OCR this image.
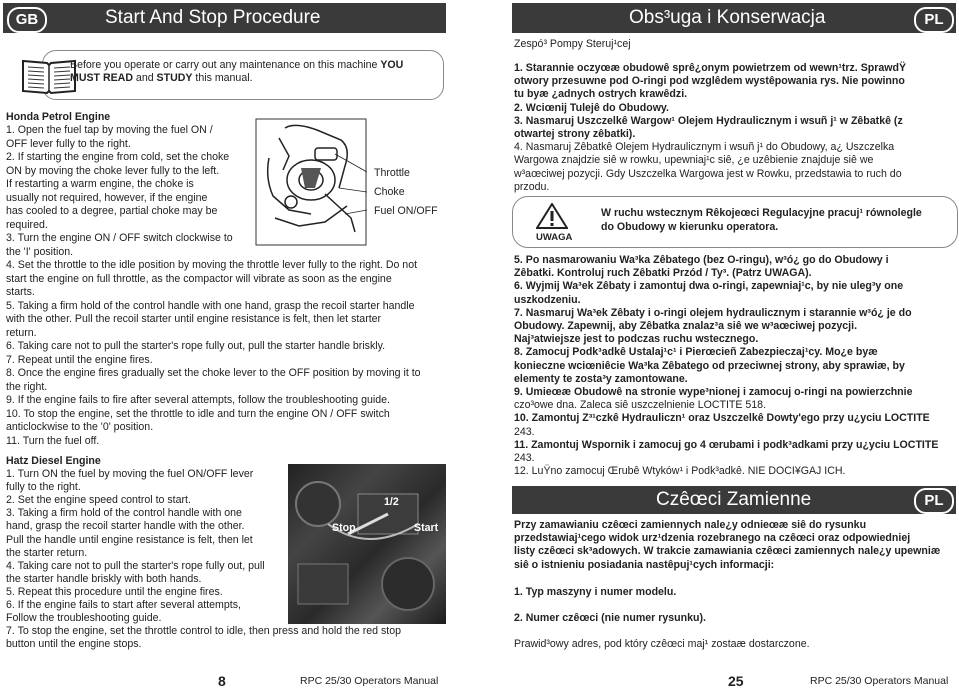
GB	Start And Stop Procedure
Before you operate or carry out any maintenance on this machine YOU
MUST READ and STUDY this manual.
Honda Petrol Engine
1. Open the fuel tap by moving the fuel ON /
OFF lever fully to the right.
2. If starting the engine from cold, set the choke
ON by moving the choke lever fully to the left.
If restarting a warm engine, the choke is
usually not required, however, if the engine
has cooled to a degree, partial choke may be
required.
3. Turn the engine ON / OFF switch clockwise to
the 'I' position.
4. Set the throttle to the idle position by moving the throttle lever fully to the right. Do not
start the engine on full throttle, as the compactor will vibrate as soon as the engine
starts.
5. Taking a firm hold of the control handle with one hand, grasp the recoil starter handle
with the other. Pull the recoil starter until engine resistance is felt, then let starter
return.
6. Taking care not to pull the starter's rope fully out, pull the starter handle briskly.
7. Repeat until the engine fires.
8. Once the engine fires gradually set the choke lever to the OFF position by moving it to
the right.
9. If the engine fails to fire after several attempts, follow the troubleshooting guide.
10. To stop the engine, set the throttle to idle and turn the engine ON / OFF switch
anticlockwise to the '0' position.
11. Turn the fuel off.
Throttle
Choke
Fuel ON/OFF
Hatz Diesel Engine
1. Turn ON the fuel by moving the fuel ON/OFF lever
fully to the right.
2. Set the engine speed control to start.
3. Taking a firm hold of the control handle with one
hand, grasp the recoil starter handle with the other.
Pull the handle until engine resistance is felt, then let
the starter return.
4. Taking care not to pull the starter's rope fully out, pull
the starter handle briskly with both hands.
5. Repeat this procedure until the engine fires.
6. If the engine fails to start after several attempts,
Follow the troubleshooting guide.
7. To stop the engine, set the throttle control to idle, then press and hold the red stop
button until the engine stops.
1/2
Stop	Start
8	RPC 25/30 Operators Manual
Obs³uga i Konserwacja	PL
Zespó³ Pompy Steruj¹cej
1. Starannie oczyœæ obudowê sprê¿onym powietrzem od wewn¹trz. SprawdŸ
otwory przesuwne pod O-ringi pod wzglêdem wystêpowania rys. Nie powinno
tu byæ ¿adnych ostrych krawêdzi.
2. Wciœnij Tulejê do Obudowy.
3. Nasmaruj Uszczelkê Wargow¹ Olejem Hydraulicznym i wsuñ j¹ w Zêbatkê (z
otwartej strony zêbatki).
4. Nasmaruj Zêbatkê Olejem Hydraulicznym i wsuñ j¹ do Obudowy, a¿ Uszczelka
Wargowa znajdzie siê w rowku, upewniaj¹c siê, ¿e uzêbienie znajduje siê we
w³aœciwej pozycji. Gdy Uszczelka Wargowa jest w Rowku, przedstawia to ruch do
przodu.
UWAGA
W ruchu wstecznym Rêkojeœci Regulacyjne pracuj¹ równolegle
do Obudowy w kierunku operatora.
5. Po nasmarowaniu Wa³ka Zêbatego (bez O-ringu), w³ó¿ go do Obudowy i
Zêbatki. Kontroluj ruch Zêbatki Przód / Ty³. (Patrz UWAGA).
6. Wyjmij Wa³ek Zêbaty i zamontuj dwa o-ringi, zapewniaj¹c, by nie uleg³y one
uszkodzeniu.
7. Nasmaruj Wa³ek Zêbaty i o-ringi olejem hydraulicznym i starannie w³ó¿ je do
Obudowy. Zapewnij, aby Zêbatka znalaz³a siê we w³aœciwej pozycji.
Naj³atwiejsze jest to podczas ruchu wstecznego.
8. Zamocuj Podk³adkê Ustalaj¹c¹ i Pierœcieñ Zabezpieczaj¹cy. Mo¿e byæ
konieczne wciœniêcie Wa³ka Zêbatego od przeciwnej strony, aby sprawiæ, by
elementy te zosta³y zamontowane.
9. Umieœæ Obudowê na stronie wype³nionej i zamocuj o-ringi na powierzchnie
czo³owe dna. Zaleca siê uszczelnienie LOCTITE 518.
10. Zamontuj Z³¹czkê Hydrauliczn¹ oraz Uszczelkê Dowty'ego przy u¿yciu LOCTITE
243.
11. Zamontuj Wspornik i zamocuj go 4 œrubami i podk³adkami przy u¿yciu LOCTITE
243.
12. LuŸno zamocuj Œrubê Wtyków¹ i Podk³adkê. NIE DOCI¥GAJ ICH.
Czêœci Zamienne	PL
Przy zamawianiu czêœci zamiennych nale¿y odnieœæ siê do rysunku
przedstawiaj¹cego widok urz¹dzenia rozebranego na czêœci oraz odpowiedniej
listy czêœci sk³adowych. W trakcie zamawiania czêœci zamiennych nale¿y upewniæ
siê o istnieniu posiadania nastêpuj¹cych informacji:
1. Typ maszyny i numer modelu.
2. Numer czêœci (nie numer rysunku).
Prawid³owy adres, pod który czêœci maj¹ zostaæ dostarczone.
25	RPC 25/30 Operators Manual
